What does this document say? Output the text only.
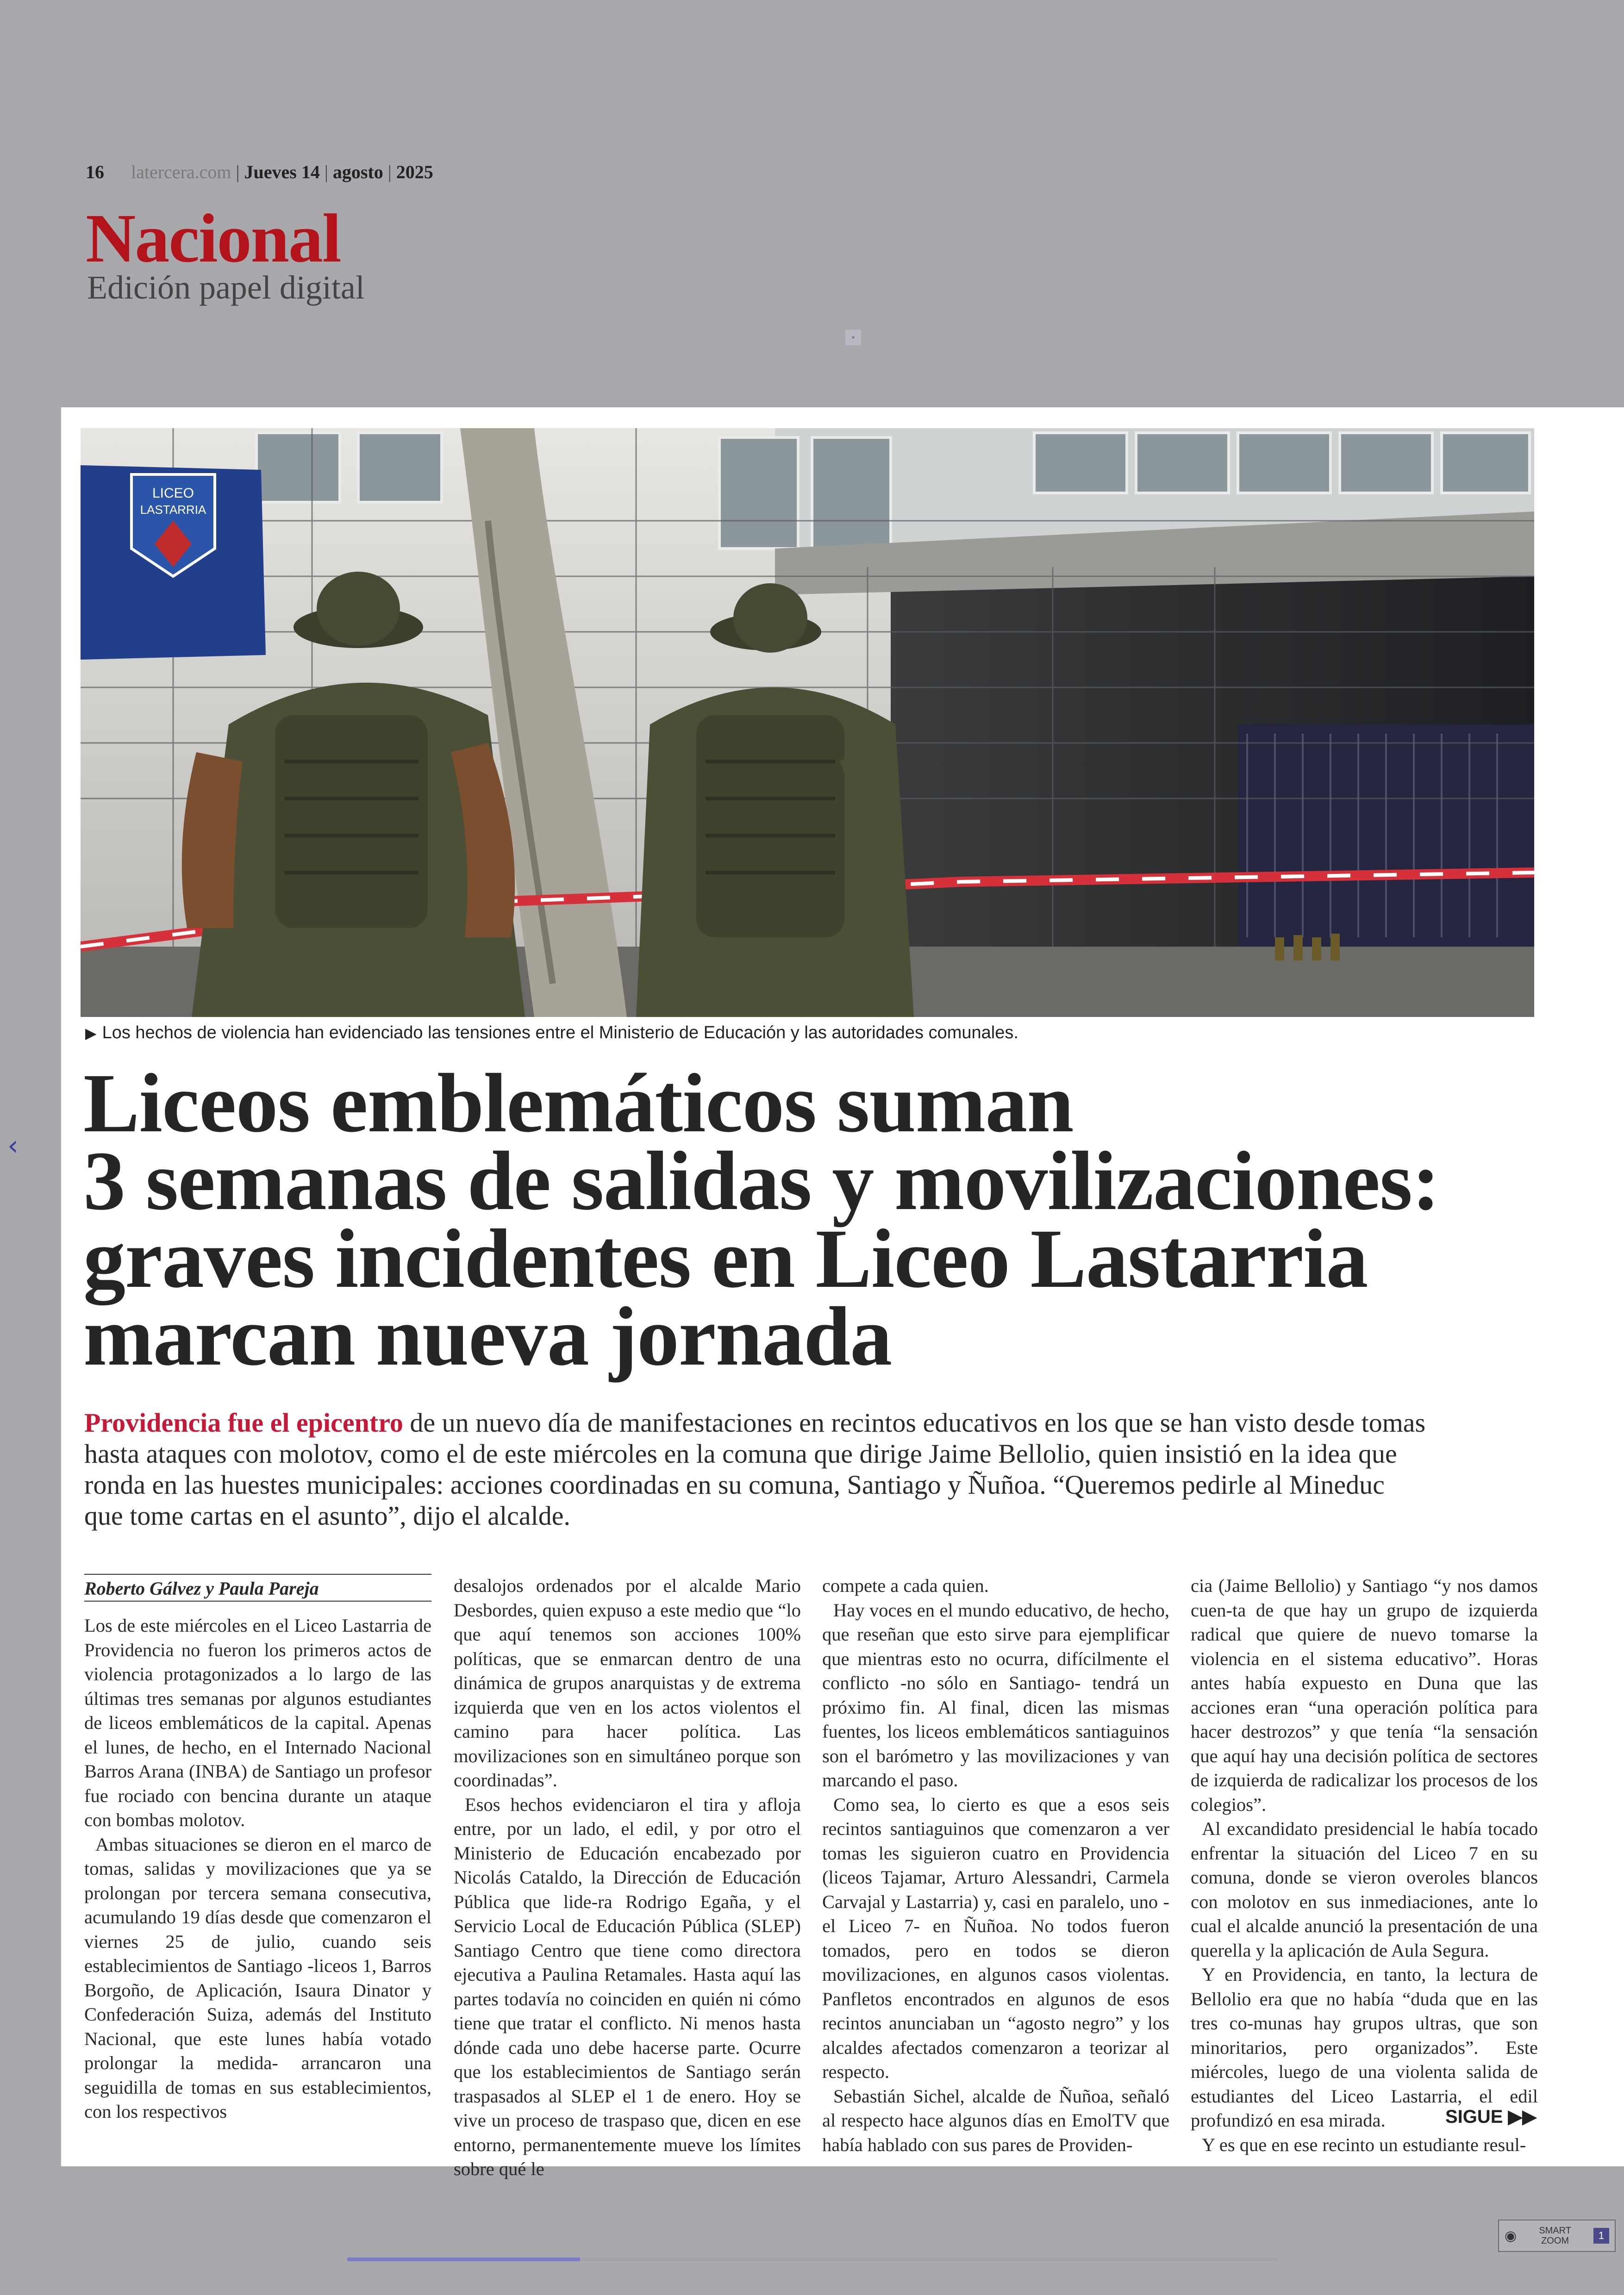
16 latercera.com | Jueves 14 | agosto | 2025
Nacional
Edición papel digital
▪
‹
LICEO
LASTARRIA
▶ Los hechos de violencia han evidenciado las tensiones entre el Ministerio de Educación y las autoridades comunales.
Liceos emblemáticos suman
3 semanas de salidas y movilizaciones:
graves incidentes en Liceo Lastarria
marcan nueva jornada
Providencia fue el epicentro de un nuevo día de manifestaciones en recintos educativos en los que se han visto desde tomas hasta ataques con molotov, como el de este miércoles en la comuna que dirige Jaime Bellolio, quien insistió en la idea que ronda en las huestes municipales: acciones coordinadas en su comuna, Santiago y Ñuñoa. “Queremos pedirle al Mineduc que tome cartas en el asunto”, dijo el alcalde.
Roberto Gálvez y Paula Pareja

Los de este miércoles en el Liceo Lastarria de Providencia no fueron los primeros actos de violencia protagonizados a lo largo de las últimas tres semanas por algunos estudiantes de liceos emblemáticos de la capital. Apenas el lunes, de hecho, en el Internado Nacional Barros Arana (INBA) de Santiago un profesor fue rociado con bencina durante un ataque con bombas molotov.

Ambas situaciones se dieron en el marco de tomas, salidas y movilizaciones que ya se prolongan por tercera semana consecutiva, acumulando 19 días desde que comenzaron el viernes 25 de julio, cuando seis establecimientos de Santiago -liceos 1, Barros Borgoño, de Aplicación, Isaura Dinator y Confederación Suiza, además del Instituto Nacional, que este lunes había votado prolongar la medida- arrancaron una seguidilla de tomas en sus establecimientos, con los respectivos

desalojos ordenados por el alcalde Mario Desbordes, quien expuso a este medio que “lo que aquí tenemos son acciones 100% políticas, que se enmarcan dentro de una dinámica de grupos anarquistas y de extrema izquierda que ven en los actos violentos el camino para hacer política. Las movilizaciones son en simultáneo porque son coordinadas”.

Esos hechos evidenciaron el tira y afloja entre, por un lado, el edil, y por otro el Ministerio de Educación encabezado por Nicolás Cataldo, la Dirección de Educación Pública que lide-ra Rodrigo Egaña, y el Servicio Local de Educación Pública (SLEP) Santiago Centro que tiene como directora ejecutiva a Paulina Retamales. Hasta aquí las partes todavía no coinciden en quién ni cómo tiene que tratar el conflicto. Ni menos hasta dónde cada uno debe hacerse parte. Ocurre que los establecimientos de Santiago serán traspasados al SLEP el 1 de enero. Hoy se vive un proceso de traspaso que, dicen en ese entorno, permanentemente mueve los límites sobre qué le

compete a cada quien.

Hay voces en el mundo educativo, de hecho, que reseñan que esto sirve para ejemplificar que mientras esto no ocurra, difícilmente el conflicto -no sólo en Santiago- tendrá un próximo fin. Al final, dicen las mismas fuentes, los liceos emblemáticos santiaguinos son el barómetro y las movilizaciones y van marcando el paso.

Como sea, lo cierto es que a esos seis recintos santiaguinos que comenzaron a ver tomas les siguieron cuatro en Providencia (liceos Tajamar, Arturo Alessandri, Carmela Carvajal y Lastarria) y, casi en paralelo, uno -el Liceo 7- en Ñuñoa. No todos fueron tomados, pero en todos se dieron movilizaciones, en algunos casos violentas. Panfletos encontrados en algunos de esos recintos anunciaban un “agosto negro” y los alcaldes afectados comenzaron a teorizar al respecto.

Sebastián Sichel, alcalde de Ñuñoa, señaló al respecto hace algunos días en EmolTV que había hablado con sus pares de Providen-

cia (Jaime Bellolio) y Santiago “y nos damos cuen-ta de que hay un grupo de izquierda radical que quiere de nuevo tomarse la violencia en el sistema educativo”. Horas antes había expuesto en Duna que las acciones eran “una operación política para hacer destrozos” y que tenía “la sensación que aquí hay una decisión política de sectores de izquierda de radicalizar los procesos de los colegios”.

Al excandidato presidencial le había tocado enfrentar la situación del Liceo 7 en su comuna, donde se vieron overoles blancos con molotov en sus inmediaciones, ante lo cual el alcalde anunció la presentación de una querella y la aplicación de Aula Segura.

Y en Providencia, en tanto, la lectura de Bellolio era que no había “duda que en las tres co-munas hay grupos ultras, que son minoritarios, pero organizados”. Este miércoles, luego de una violenta salida de estudiantes del Liceo Lastarria, el edil profundizó en esa mirada.

Y es que en ese recinto un estudiante resul-

SIGUE ▶▶
◉ SMART
ZOOM	1
